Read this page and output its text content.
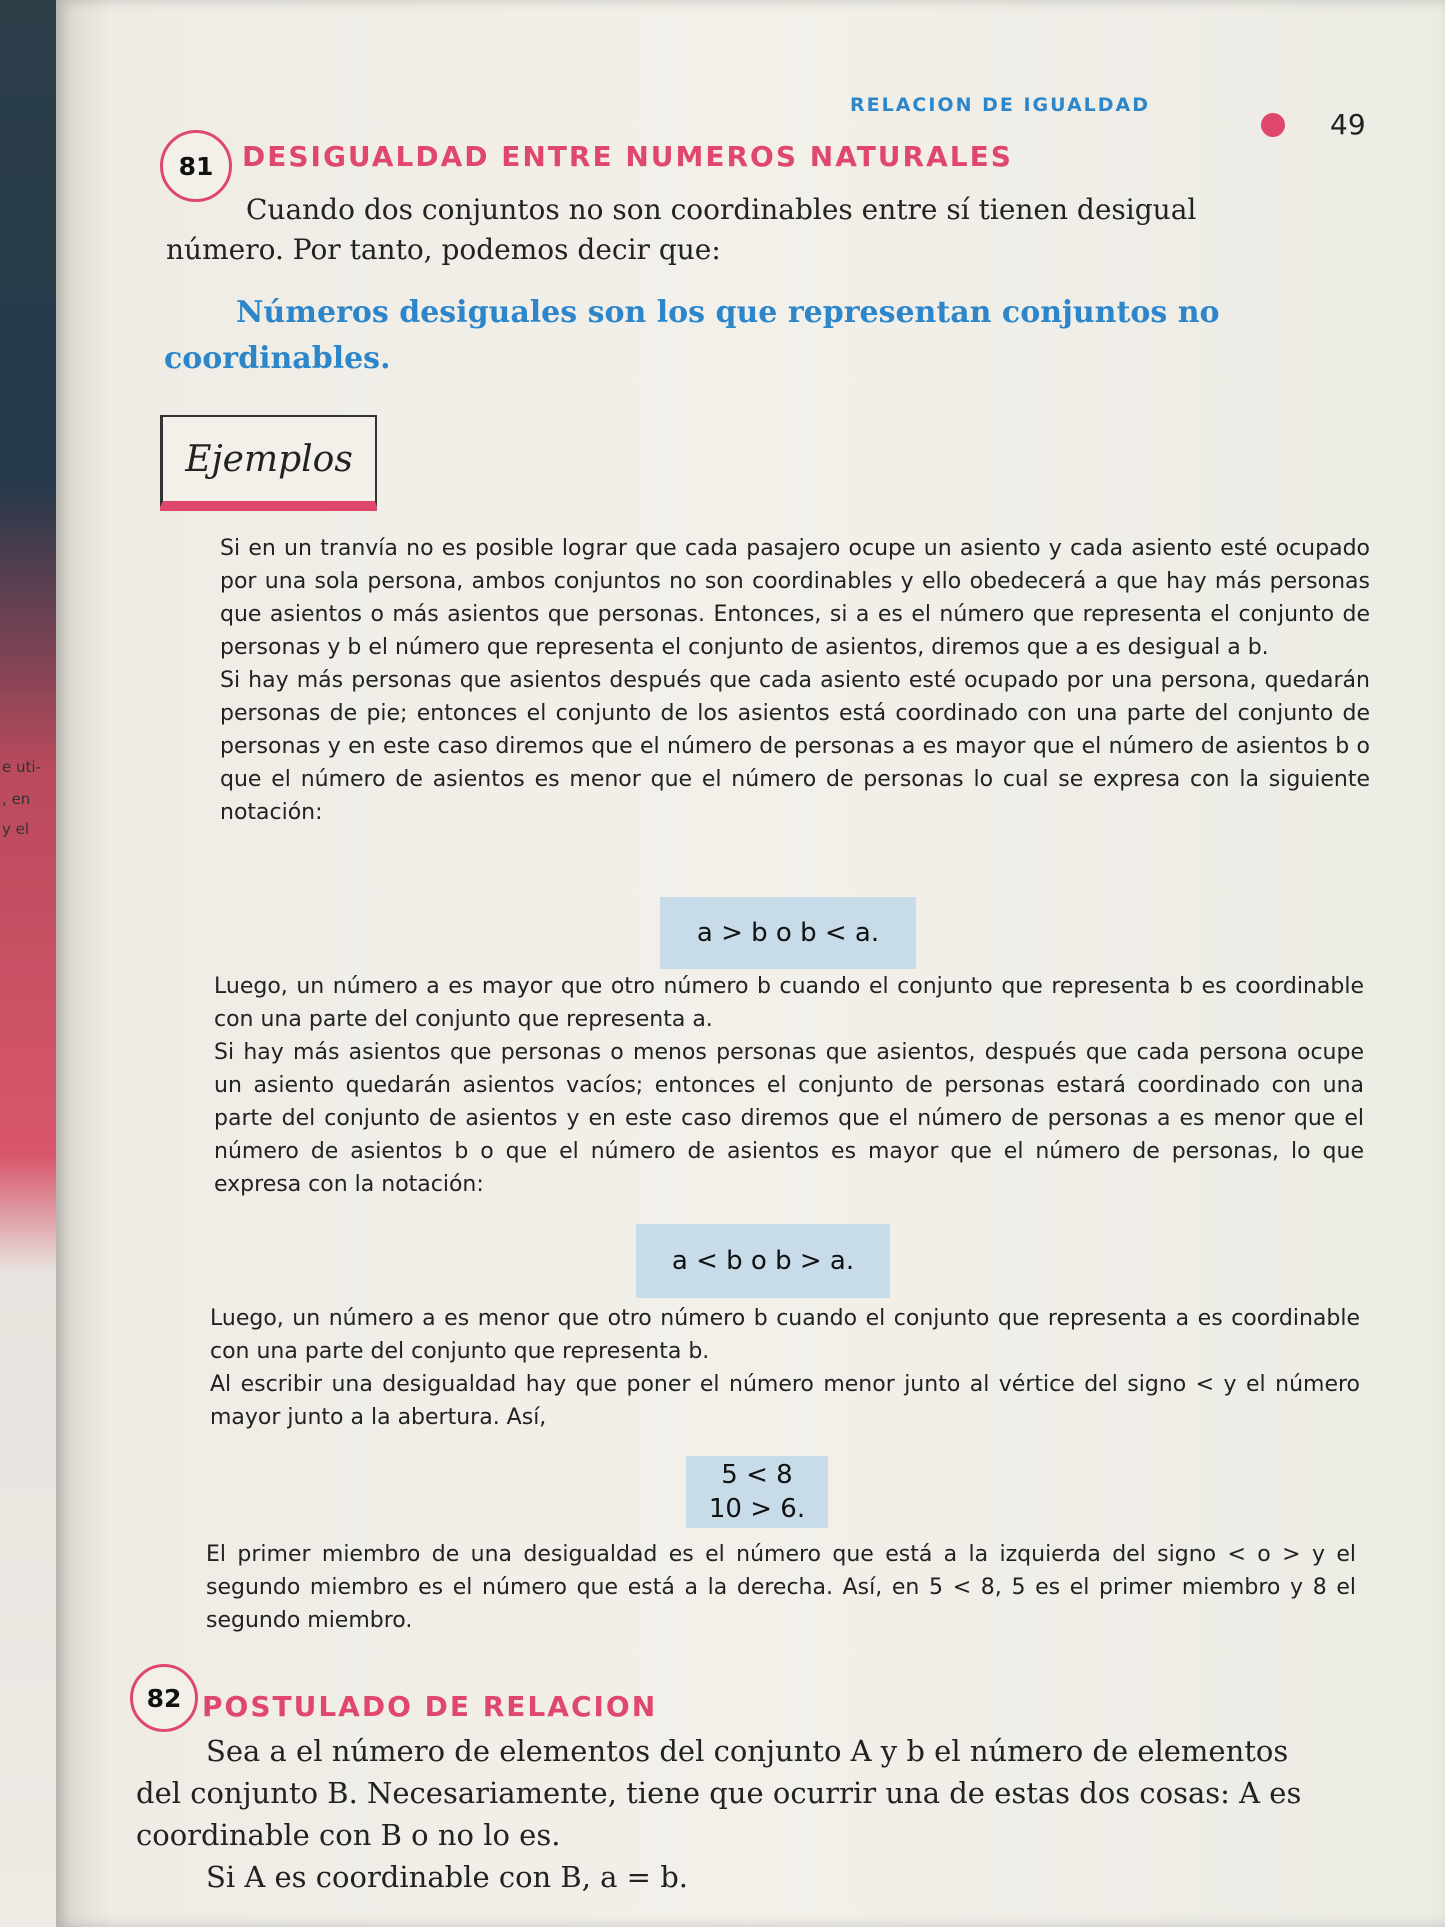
e uti-
, en
y el
RELACION DE IGUALDAD
49
81	DESIGUALDAD ENTRE NUMEROS NATURALES
Cuando dos conjuntos no son coordinables entre sí tienen desigual número. Por tanto, podemos decir que:
Números desiguales son los que representan conjuntos no coordinables.
Ejemplos

Si en un tranvía no es posible lograr que cada pasajero ocupe un asiento y cada asiento esté ocupado por una sola persona, ambos conjuntos no son coordinables y ello obedecerá a que hay más personas que asientos o más asientos que personas. Entonces, si a es el número que representa el conjunto de personas y b el número que representa el conjunto de asientos, diremos que a es desigual a b.

Si hay más personas que asientos después que cada asiento esté ocupado por una persona, quedarán personas de pie; entonces el conjunto de los asientos está coordinado con una parte del conjunto de personas y en este caso diremos que el número de personas a es mayor que el número de asientos b o que el número de asientos es menor que el número de personas lo cual se expresa con la siguiente notación:

a > b o b < a.

Luego, un número a es mayor que otro número b cuando el conjunto que representa b es coordinable con una parte del conjunto que representa a.

Si hay más asientos que personas o menos personas que asientos, después que cada persona ocupe un asiento quedarán asientos vacíos; entonces el conjunto de personas estará coordinado con una parte del conjunto de asientos y en este caso diremos que el número de personas a es menor que el número de asientos b o que el número de asientos es mayor que el número de personas, lo que expresa con la notación:

a < b o b > a.

Luego, un número a es menor que otro número b cuando el conjunto que representa a es coordinable con una parte del conjunto que representa b.

Al escribir una desigualdad hay que poner el número menor junto al vértice del signo < y el número mayor junto a la abertura. Así,

5 < 8
10 > 6.

El primer miembro de una desigualdad es el número que está a la izquierda del signo < o > y el segundo miembro es el número que está a la derecha. Así, en 5 < 8, 5 es el primer miembro y 8 el segundo miembro.

82 POSTULADO DE RELACION
Sea a el número de elementos del conjunto A y b el número de elementos del conjunto B. Necesariamente, tiene que ocurrir una de estas dos cosas: A es coordinable con B o no lo es.
Si A es coordinable con B, a = b.
